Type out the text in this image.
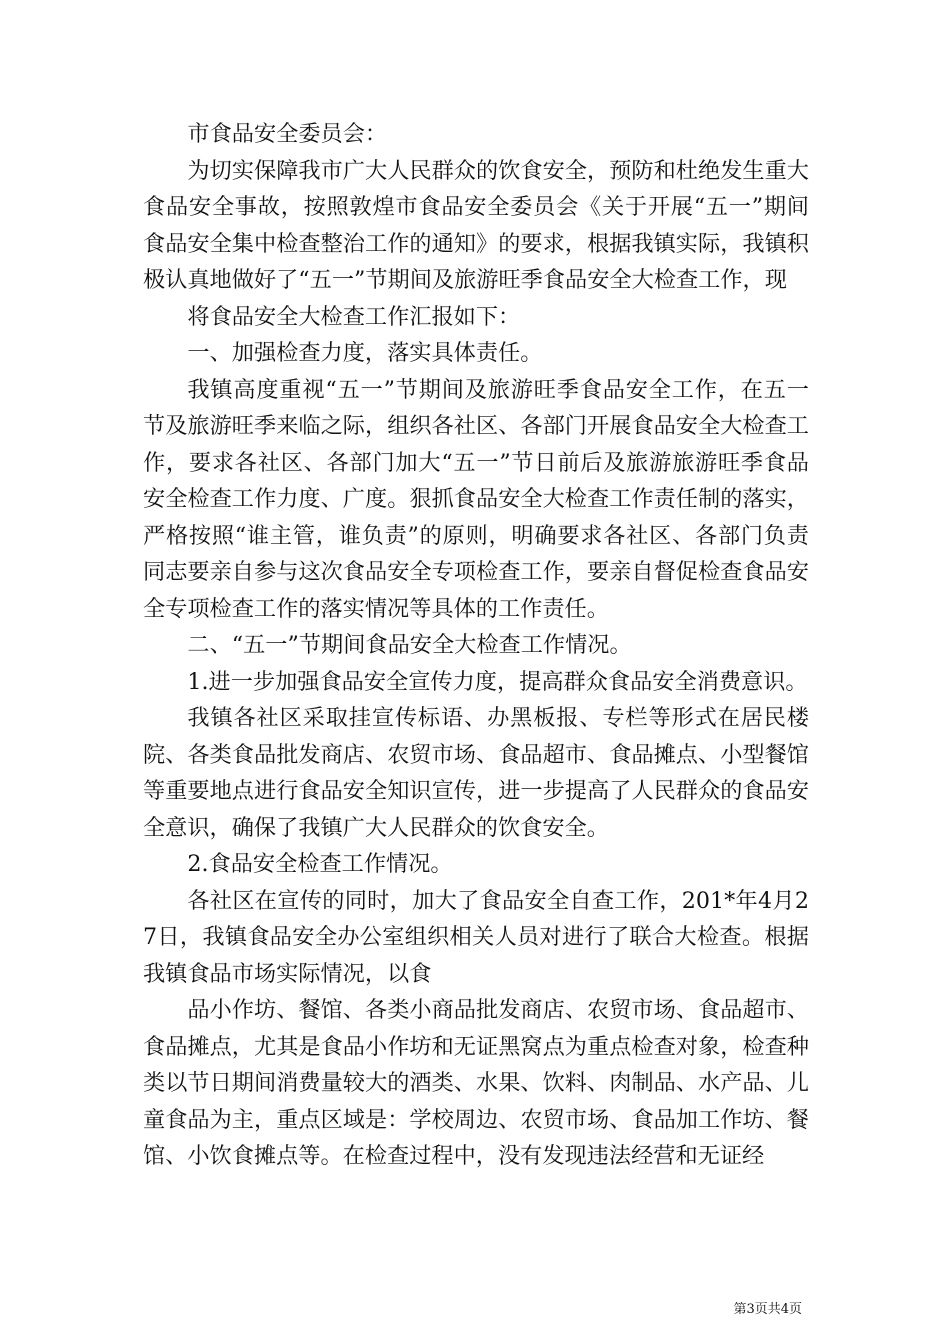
市食品安全委员会：

为切实保障我市广大人民群众的饮食安全，预防和杜绝发生重大食品安全事故，按照敦煌市食品安全委员会《关于开展“五一”期间食品安全集中检查整治工作的通知》的要求，根据我镇实际，我镇积极认真地做好了“五一”节期间及旅游旺季食品安全大检查工作，现

将食品安全大检查工作汇报如下：

一、加强检查力度，落实具体责任。

我镇高度重视“五一”节期间及旅游旺季食品安全工作，在五一节及旅游旺季来临之际，组织各社区、各部门开展食品安全大检查工作，要求各社区、各部门加大“五一”节日前后及旅游旅游旺季食品安全检查工作力度、广度。狠抓食品安全大检查工作责任制的落实，严格按照“谁主管，谁负责”的原则，明确要求各社区、各部门负责同志要亲自参与这次食品安全专项检查工作，要亲自督促检查食品安全专项检查工作的落实情况等具体的工作责任。

二、“五一”节期间食品安全大检查工作情况。

1.进一步加强食品安全宣传力度，提高群众食品安全消费意识。

我镇各社区采取挂宣传标语、办黑板报、专栏等形式在居民楼院、各类食品批发商店、农贸市场、食品超市、食品摊点、小型餐馆等重要地点进行食品安全知识宣传，进一步提高了人民群众的食品安全意识，确保了我镇广大人民群众的饮食安全。

2.食品安全检查工作情况。

各社区在宣传的同时，加大了食品安全自查工作，201*年4月27日，我镇食品安全办公室组织相关人员对进行了联合大检查。根据我镇食品市场实际情况，以食

品小作坊、餐馆、各类小商品批发商店、农贸市场、食品超市、食品摊点，尤其是食品小作坊和无证黑窝点为重点检查对象，检查种类以节日期间消费量较大的酒类、水果、饮料、肉制品、水产品、儿童食品为主，重点区域是：学校周边、农贸市场、食品加工作坊、餐馆、小饮食摊点等。在检查过程中，没有发现违法经营和无证经

第3页共4页
